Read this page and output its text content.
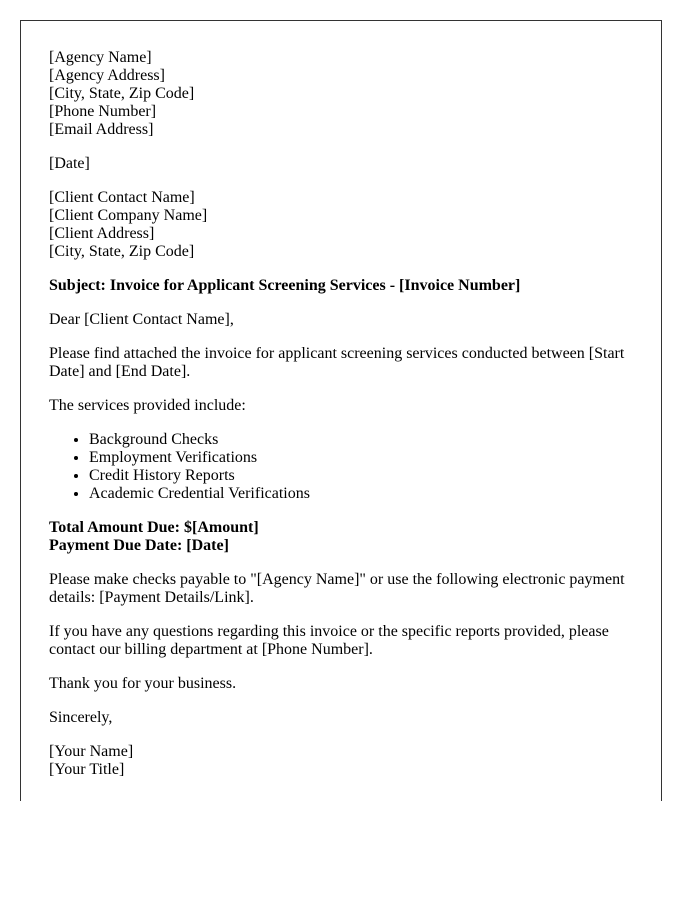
[Agency Name]
[Agency Address]
[City, State, Zip Code]
[Phone Number]
[Email Address]

[Date]

[Client Contact Name]
[Client Company Name]
[Client Address]
[City, State, Zip Code]

Subject: Invoice for Applicant Screening Services - [Invoice Number]

Dear [Client Contact Name],

Please find attached the invoice for applicant screening services conducted between [Start Date] and [End Date].

The services provided include:

• Background Checks
• Employment Verifications
• Credit History Reports
• Academic Credential Verifications

Total Amount Due: $[Amount]
Payment Due Date: [Date]

Please make checks payable to "[Agency Name]" or use the following electronic payment details: [Payment Details/Link].

If you have any questions regarding this invoice or the specific reports provided, please contact our billing department at [Phone Number].

Thank you for your business.

Sincerely,

[Your Name]
[Your Title]
